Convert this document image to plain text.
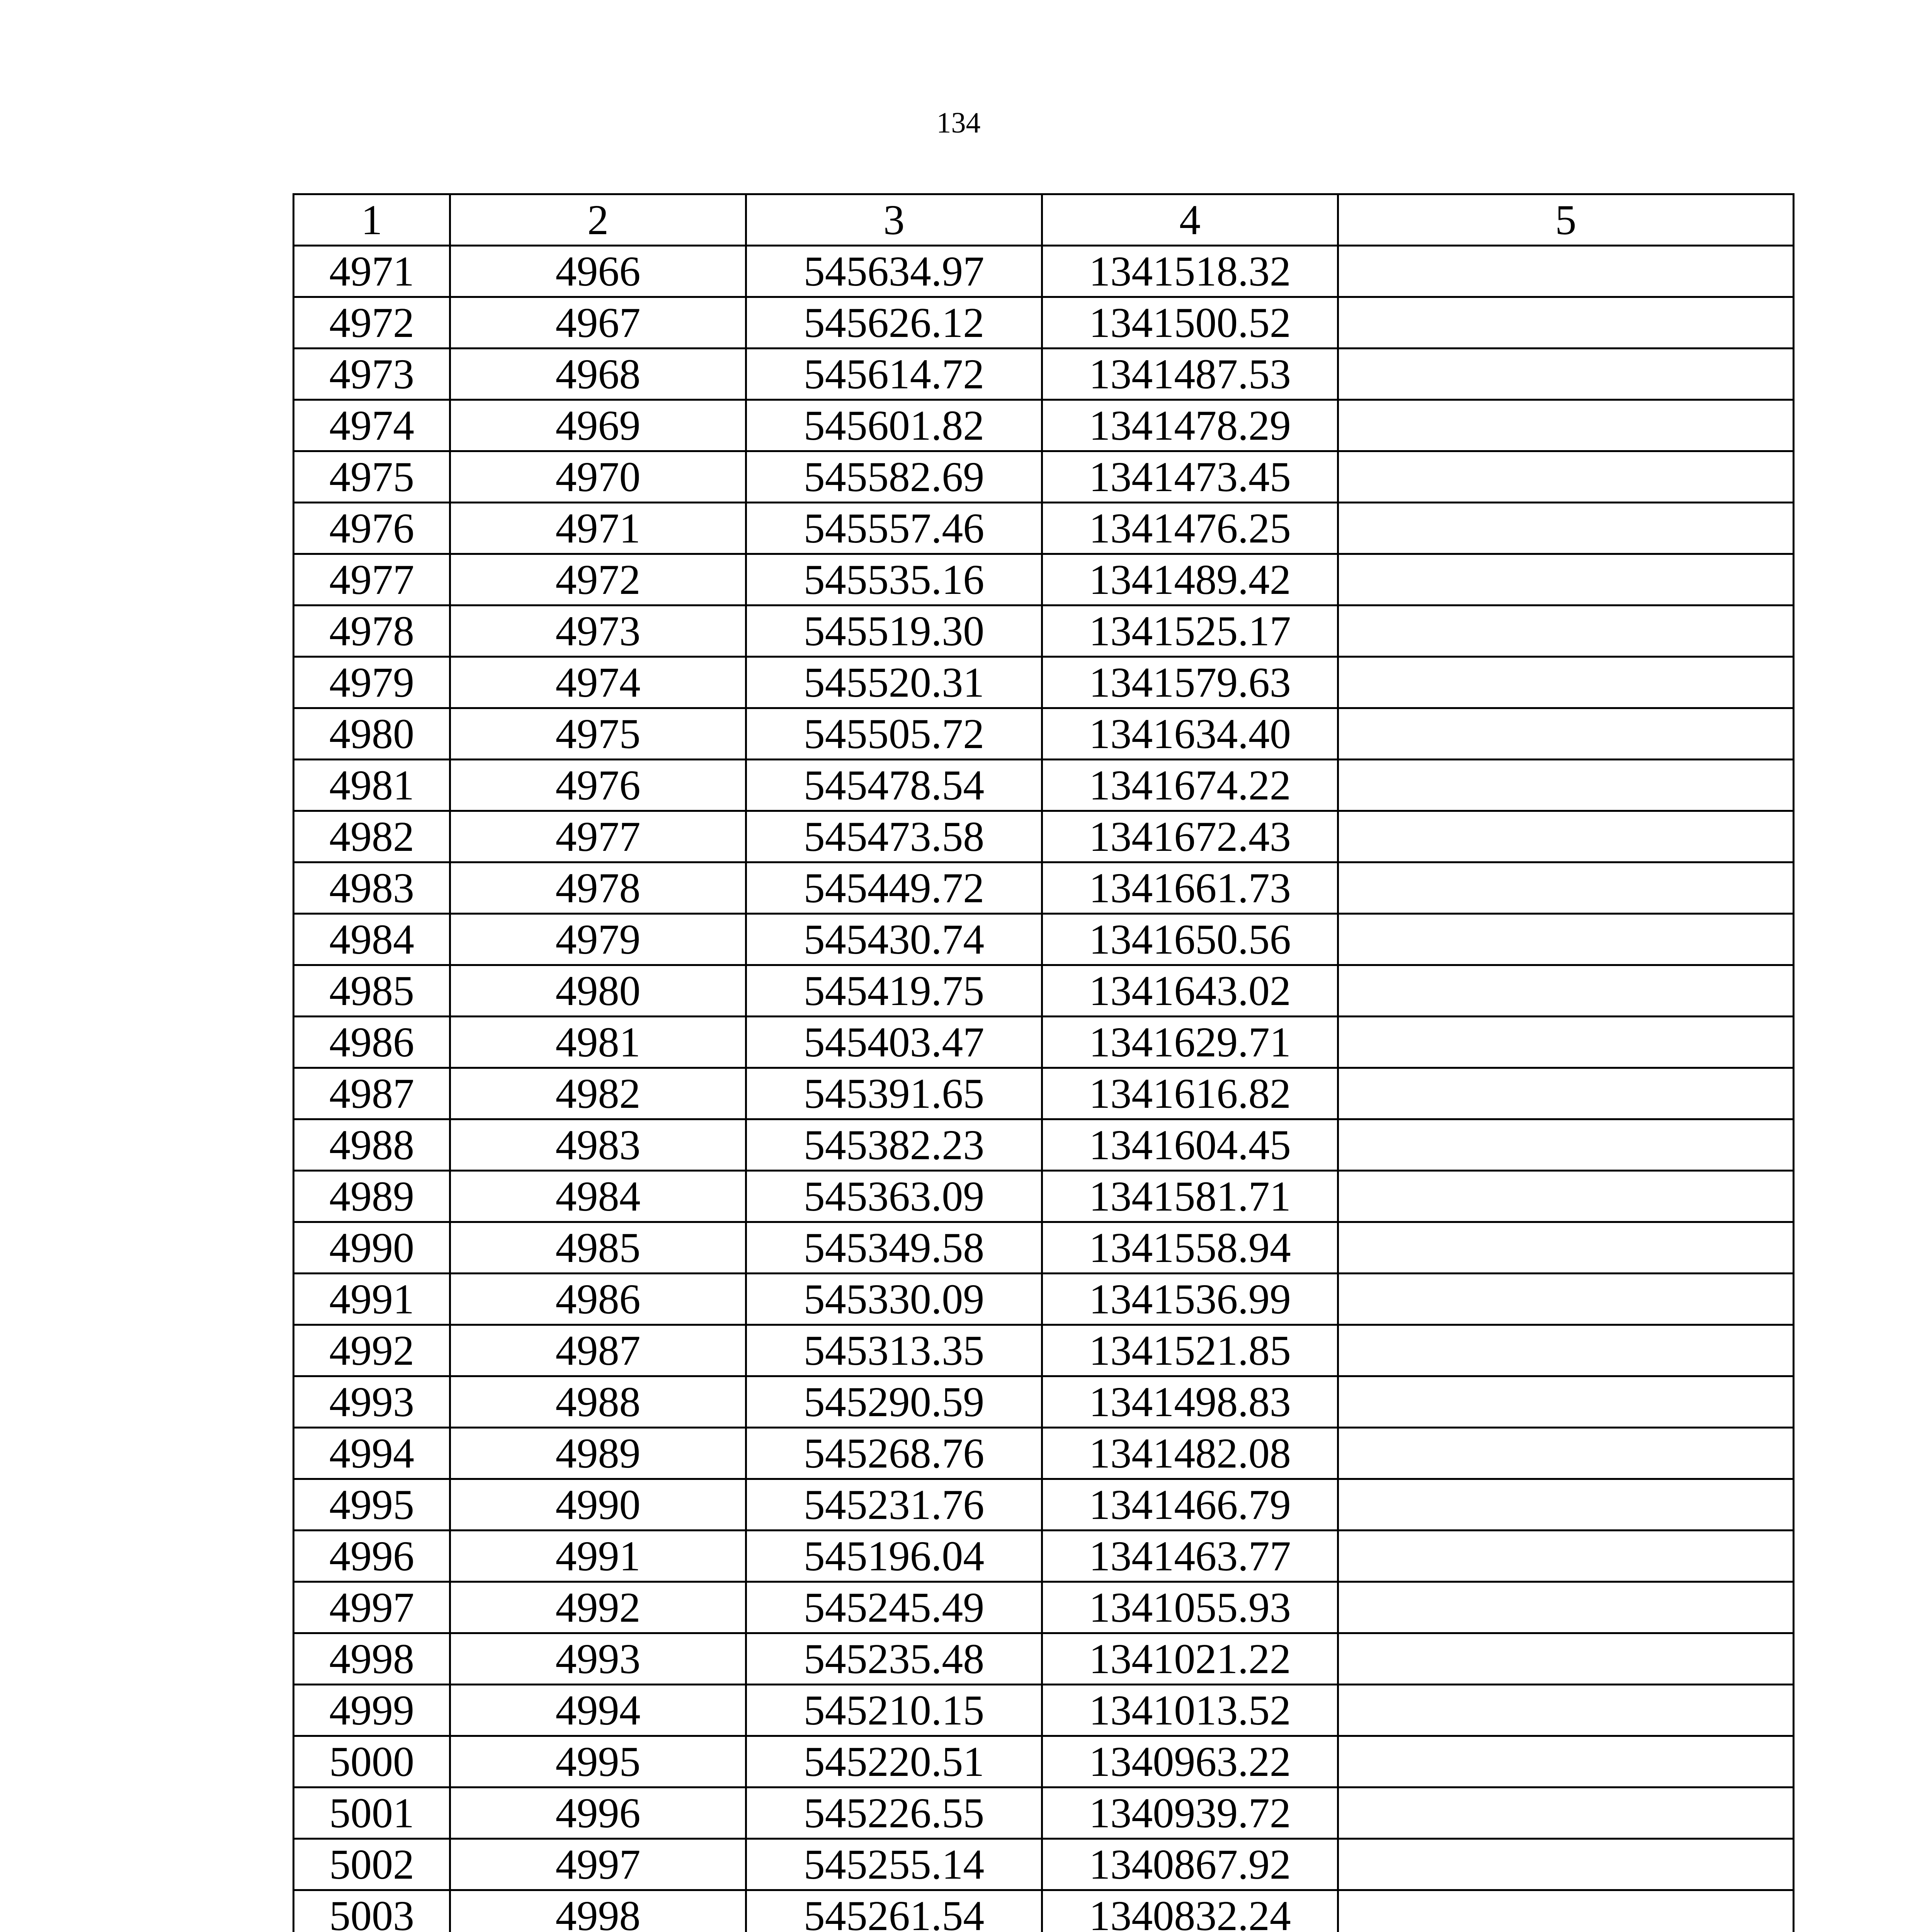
134
1	2	3	4	5
4971	4966	545634.97	1341518.32	
4972	4967	545626.12	1341500.52	
4973	4968	545614.72	1341487.53	
4974	4969	545601.82	1341478.29	
4975	4970	545582.69	1341473.45	
4976	4971	545557.46	1341476.25	
4977	4972	545535.16	1341489.42	
4978	4973	545519.30	1341525.17	
4979	4974	545520.31	1341579.63	
4980	4975	545505.72	1341634.40	
4981	4976	545478.54	1341674.22	
4982	4977	545473.58	1341672.43	
4983	4978	545449.72	1341661.73	
4984	4979	545430.74	1341650.56	
4985	4980	545419.75	1341643.02	
4986	4981	545403.47	1341629.71	
4987	4982	545391.65	1341616.82	
4988	4983	545382.23	1341604.45	
4989	4984	545363.09	1341581.71	
4990	4985	545349.58	1341558.94	
4991	4986	545330.09	1341536.99	
4992	4987	545313.35	1341521.85	
4993	4988	545290.59	1341498.83	
4994	4989	545268.76	1341482.08	
4995	4990	545231.76	1341466.79	
4996	4991	545196.04	1341463.77	
4997	4992	545245.49	1341055.93	
4998	4993	545235.48	1341021.22	
4999	4994	545210.15	1341013.52	
5000	4995	545220.51	1340963.22	
5001	4996	545226.55	1340939.72	
5002	4997	545255.14	1340867.92	
5003	4998	545261.54	1340832.24	
